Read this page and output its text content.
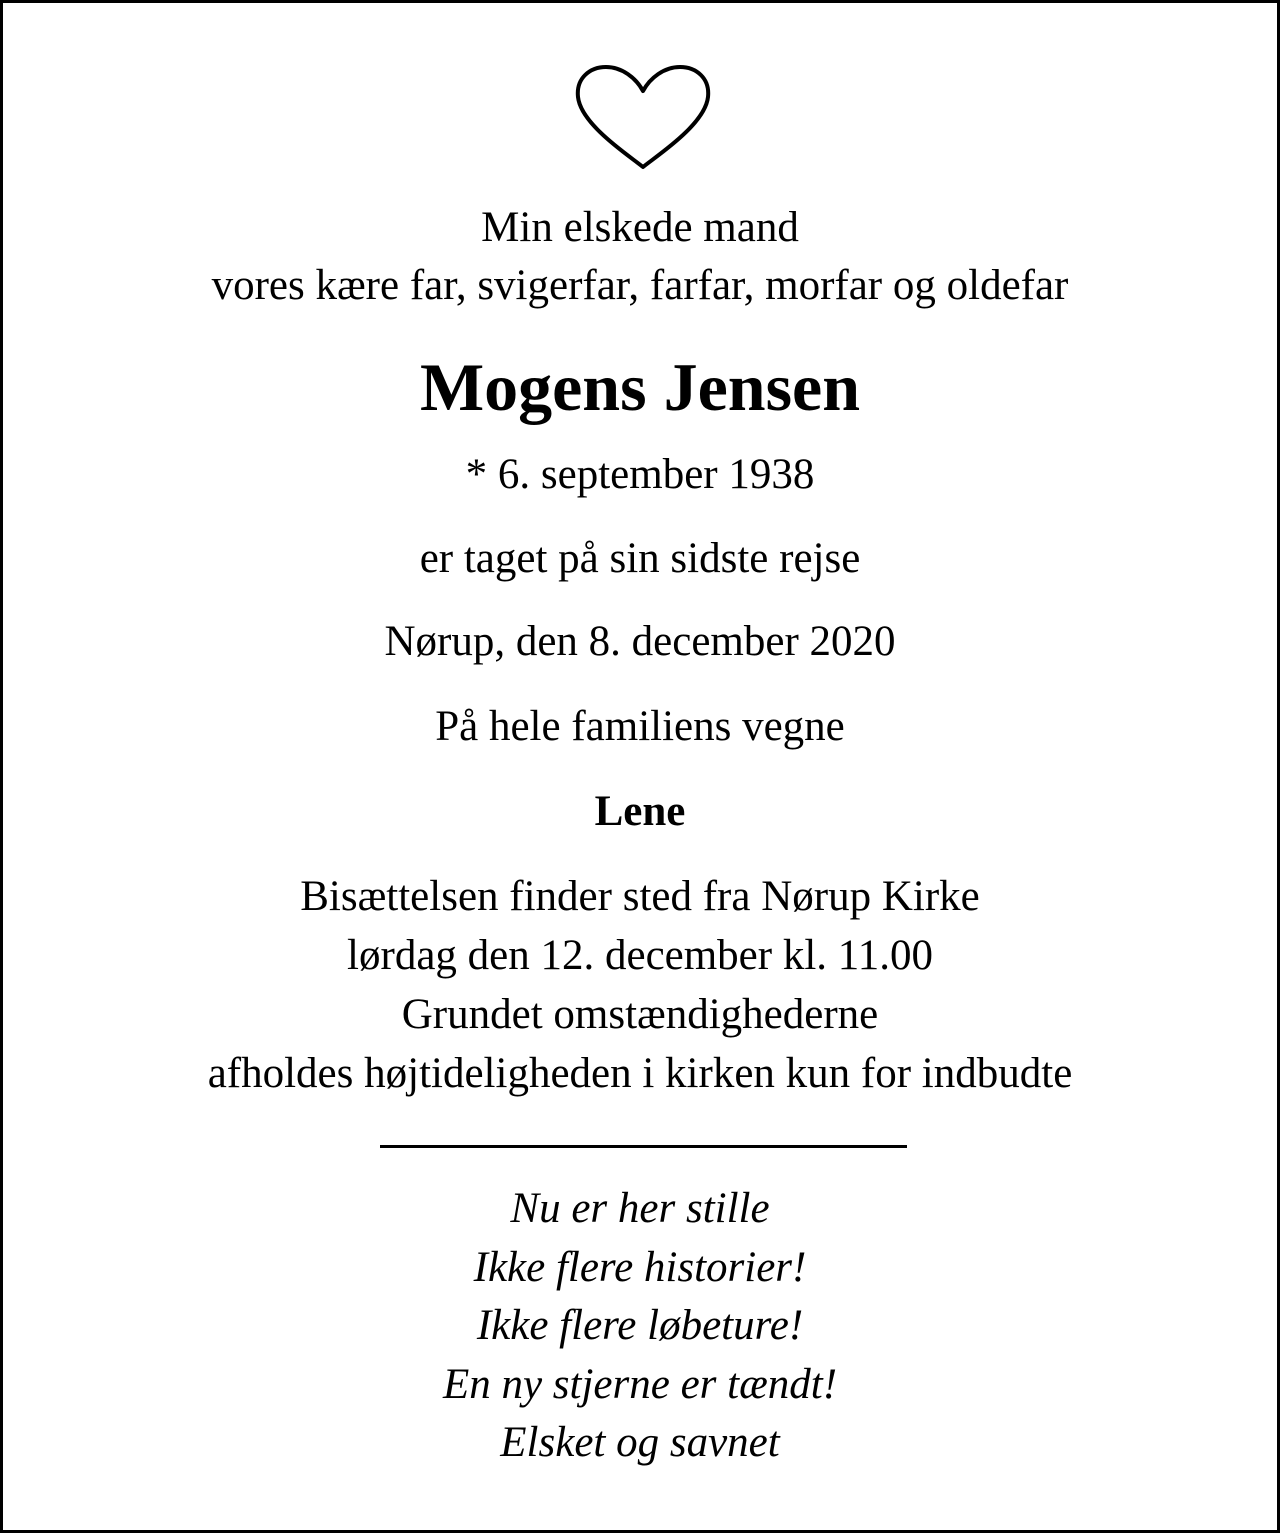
Min elskede mand
vores kære far, svigerfar, farfar, morfar og oldefar
Mogens Jensen
* 6. september 1938
er taget på sin sidste rejse
Nørup, den 8. december 2020
På hele familiens vegne
Lene
Bisættelsen finder sted fra Nørup Kirke
lørdag den 12. december kl. 11.00
Grundet omstændighederne
afholdes højtideligheden i kirken kun for indbudte
Nu er her stille
Ikke flere historier!
Ikke flere løbeture!
En ny stjerne er tændt!
Elsket og savnet
